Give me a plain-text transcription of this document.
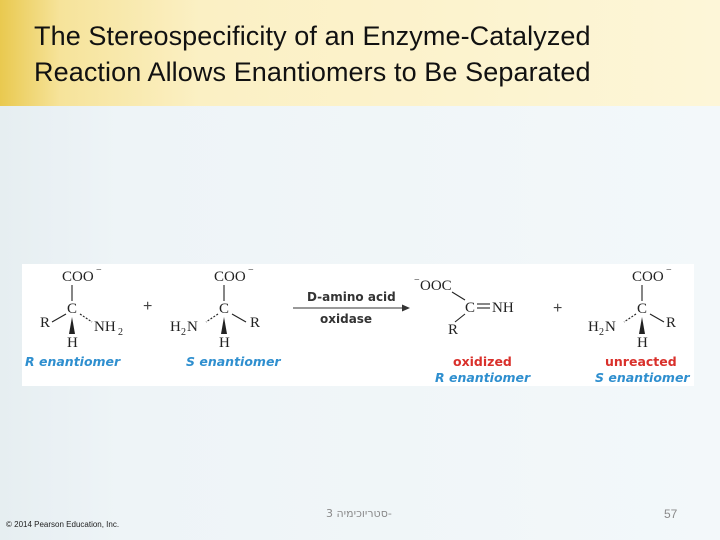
The Stereospecificity of an Enzyme-Catalyzed
Reaction Allows Enantiomers to Be Separated
COO −
C
R	NH 2
H
R enantiomer
+
COO −
C
H 2 N	R
H
S enantiomer
D-amino acid
oxidase
− OOC
C NH
R
oxidized
R enantiomer
+
COO −
C
H 2 N	R
H
unreacted
S enantiomer
© 2014 Pearson Education, Inc.
סטריוכימיה 3-	57
